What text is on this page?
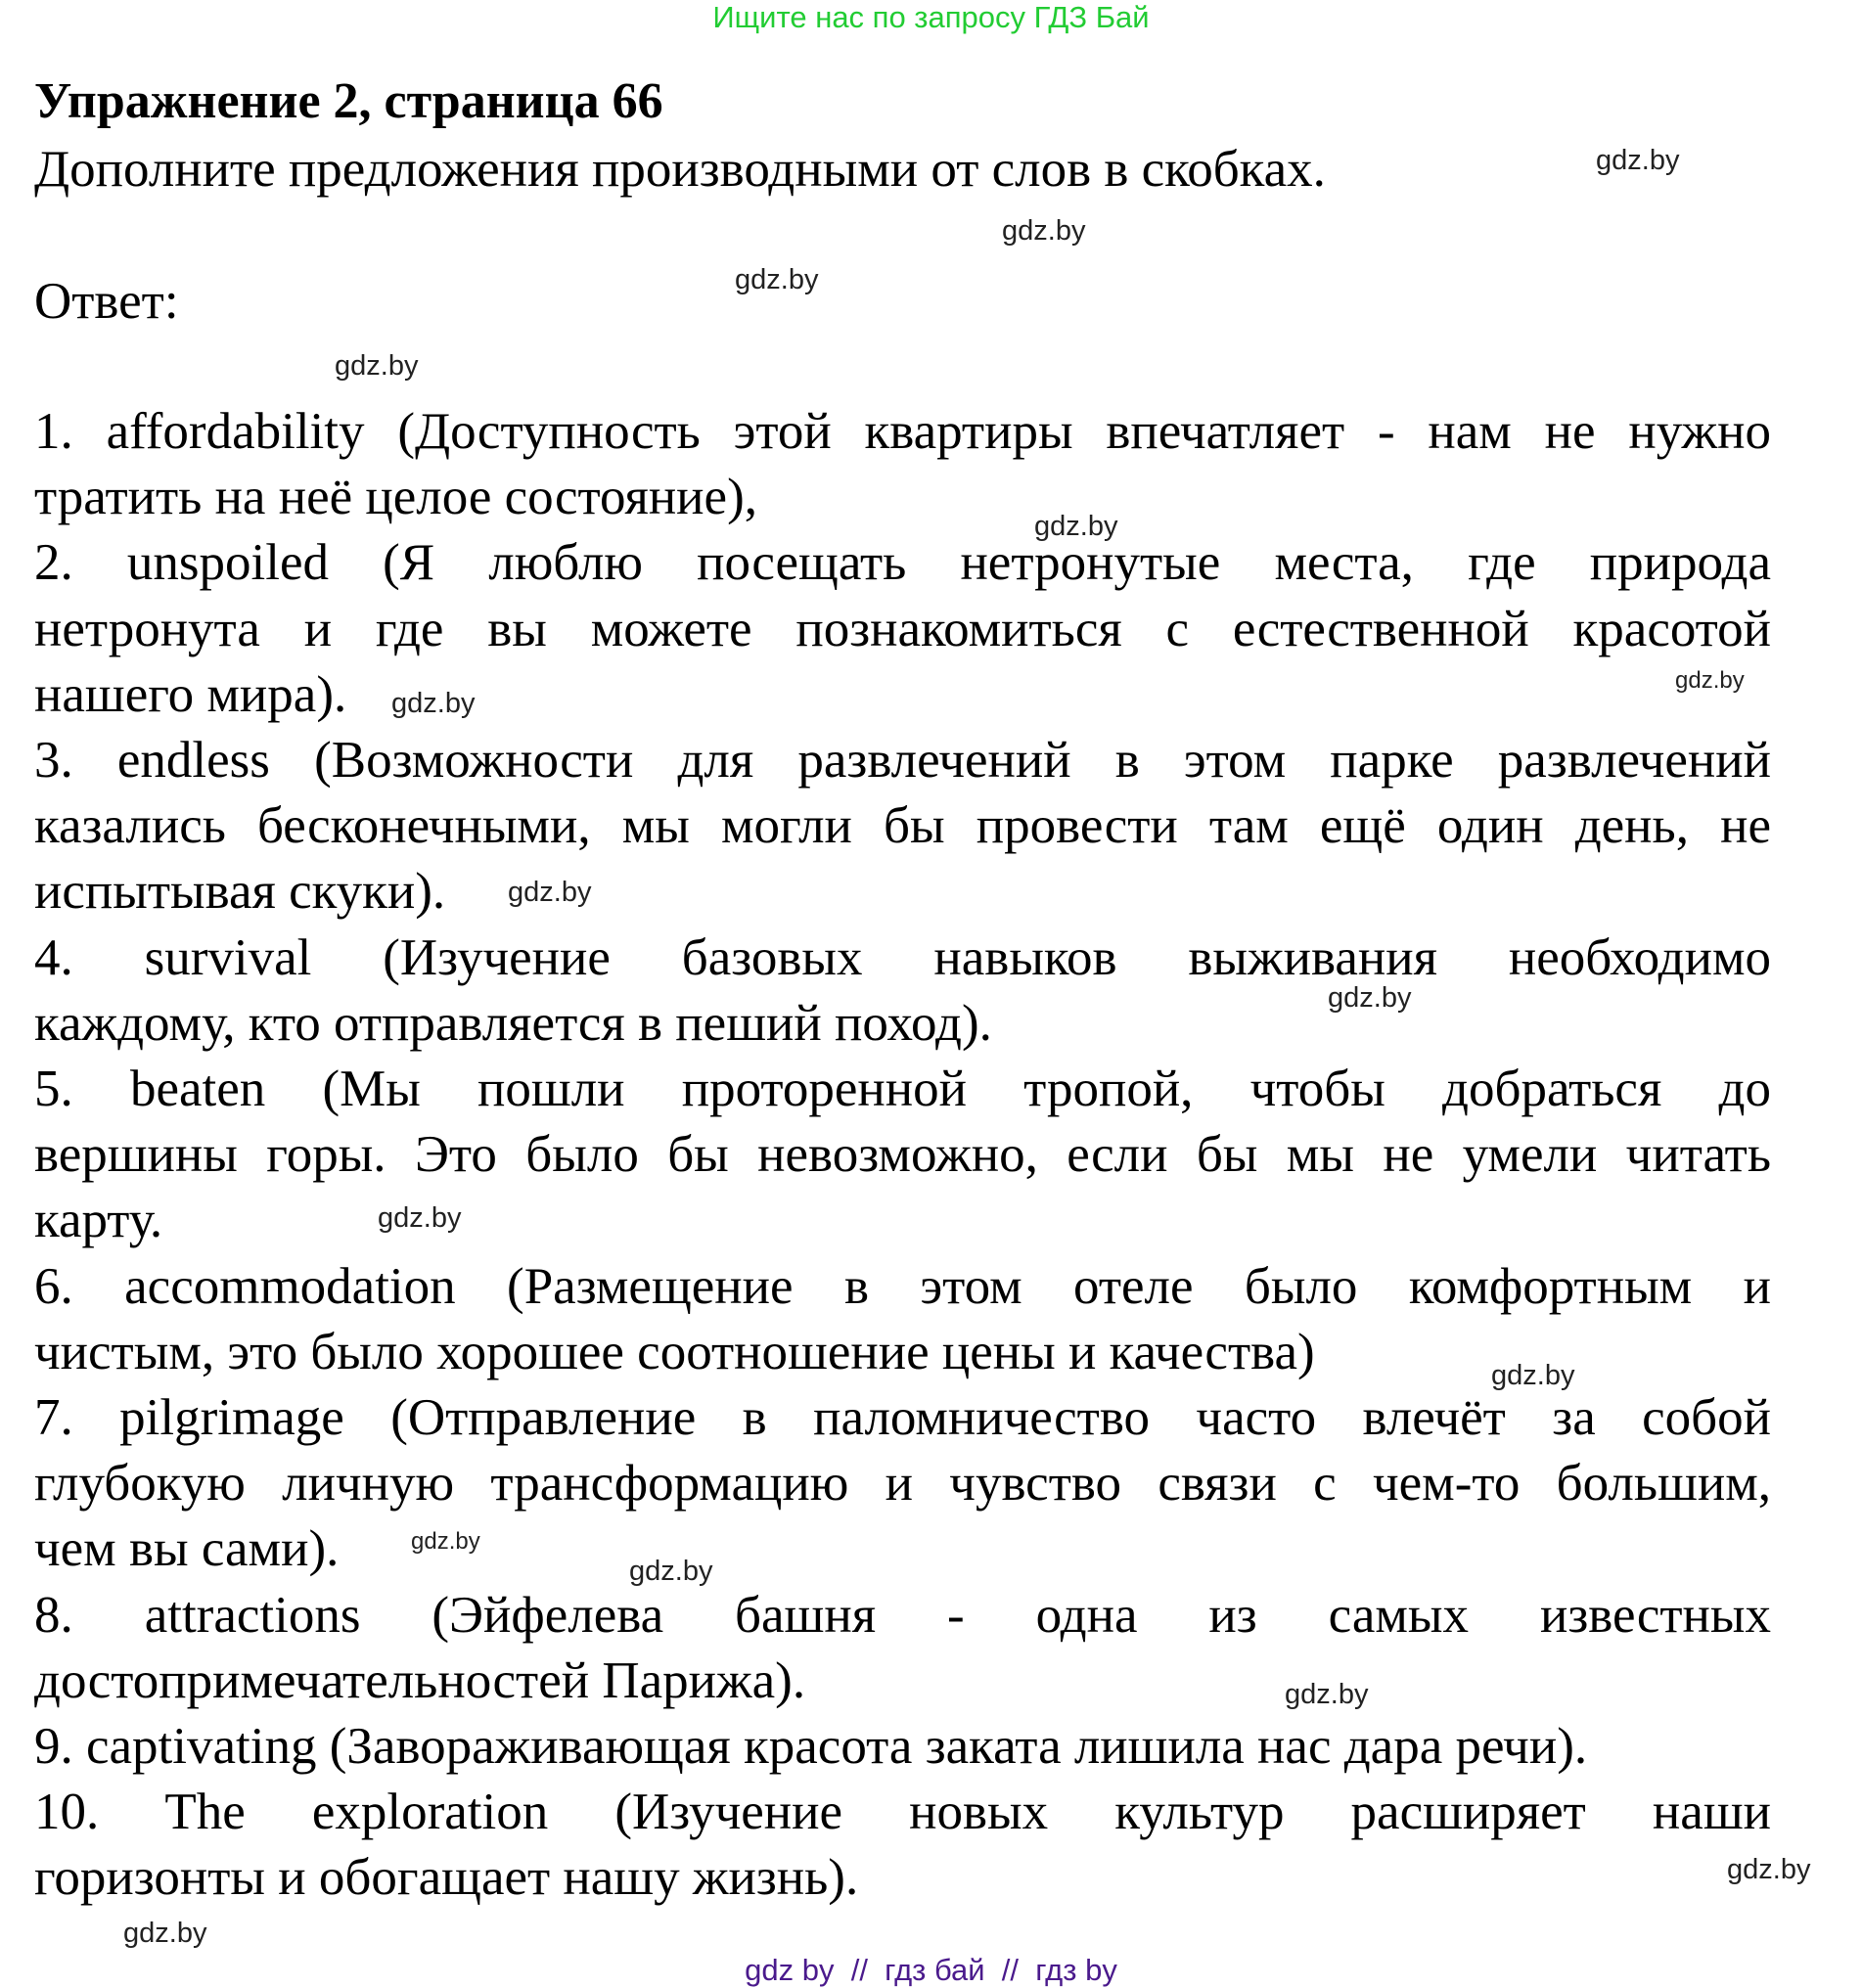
Ищите нас по запросу ГДЗ Бай
Упражнение 2, страница 66
Дополните предложения производными от слов в скобках.
Ответ:
1. affordability (Доступность этой квартиры впечатляет - нам не нужно
тратить на неё целое состояние),
2. unspoiled (Я люблю посещать нетронутые места, где природа
нетронута и где вы можете познакомиться с естественной красотой
нашего мира).
3. endless (Возможности для развлечений в этом парке развлечений
казались бесконечными, мы могли бы провести там ещё один день, не
испытывая скуки).
4. survival (Изучение базовых навыков выживания необходимо
каждому, кто отправляется в пеший поход).
5. beaten (Мы пошли проторенной тропой, чтобы добраться до
вершины горы. Это было бы невозможно, если бы мы не умели читать
карту.
6. accommodation (Размещение в этом отеле было комфортным и
чистым, это было хорошее соотношение цены и качества)
7. pilgrimage (Отправление в паломничество часто влечёт за собой
глубокую личную трансформацию и чувство связи с чем-то большим,
чем вы сами).
8. attractions (Эйфелева башня - одна из самых известных
достопримечательностей Парижа).
9. captivating (Завораживающая красота заката лишила нас дара речи).
10. The exploration (Изучение новых культур расширяет наши
горизонты и обогащает нашу жизнь).
gdz.by
gdz.by
gdz.by
gdz.by
gdz.by
gdz.by
gdz.by
gdz.by
gdz.by
gdz.by
gdz.by
gdz.by
gdz.by
gdz.by
gdz.by
gdz.by
gdz by  //  гдз бай  //  гдз by
